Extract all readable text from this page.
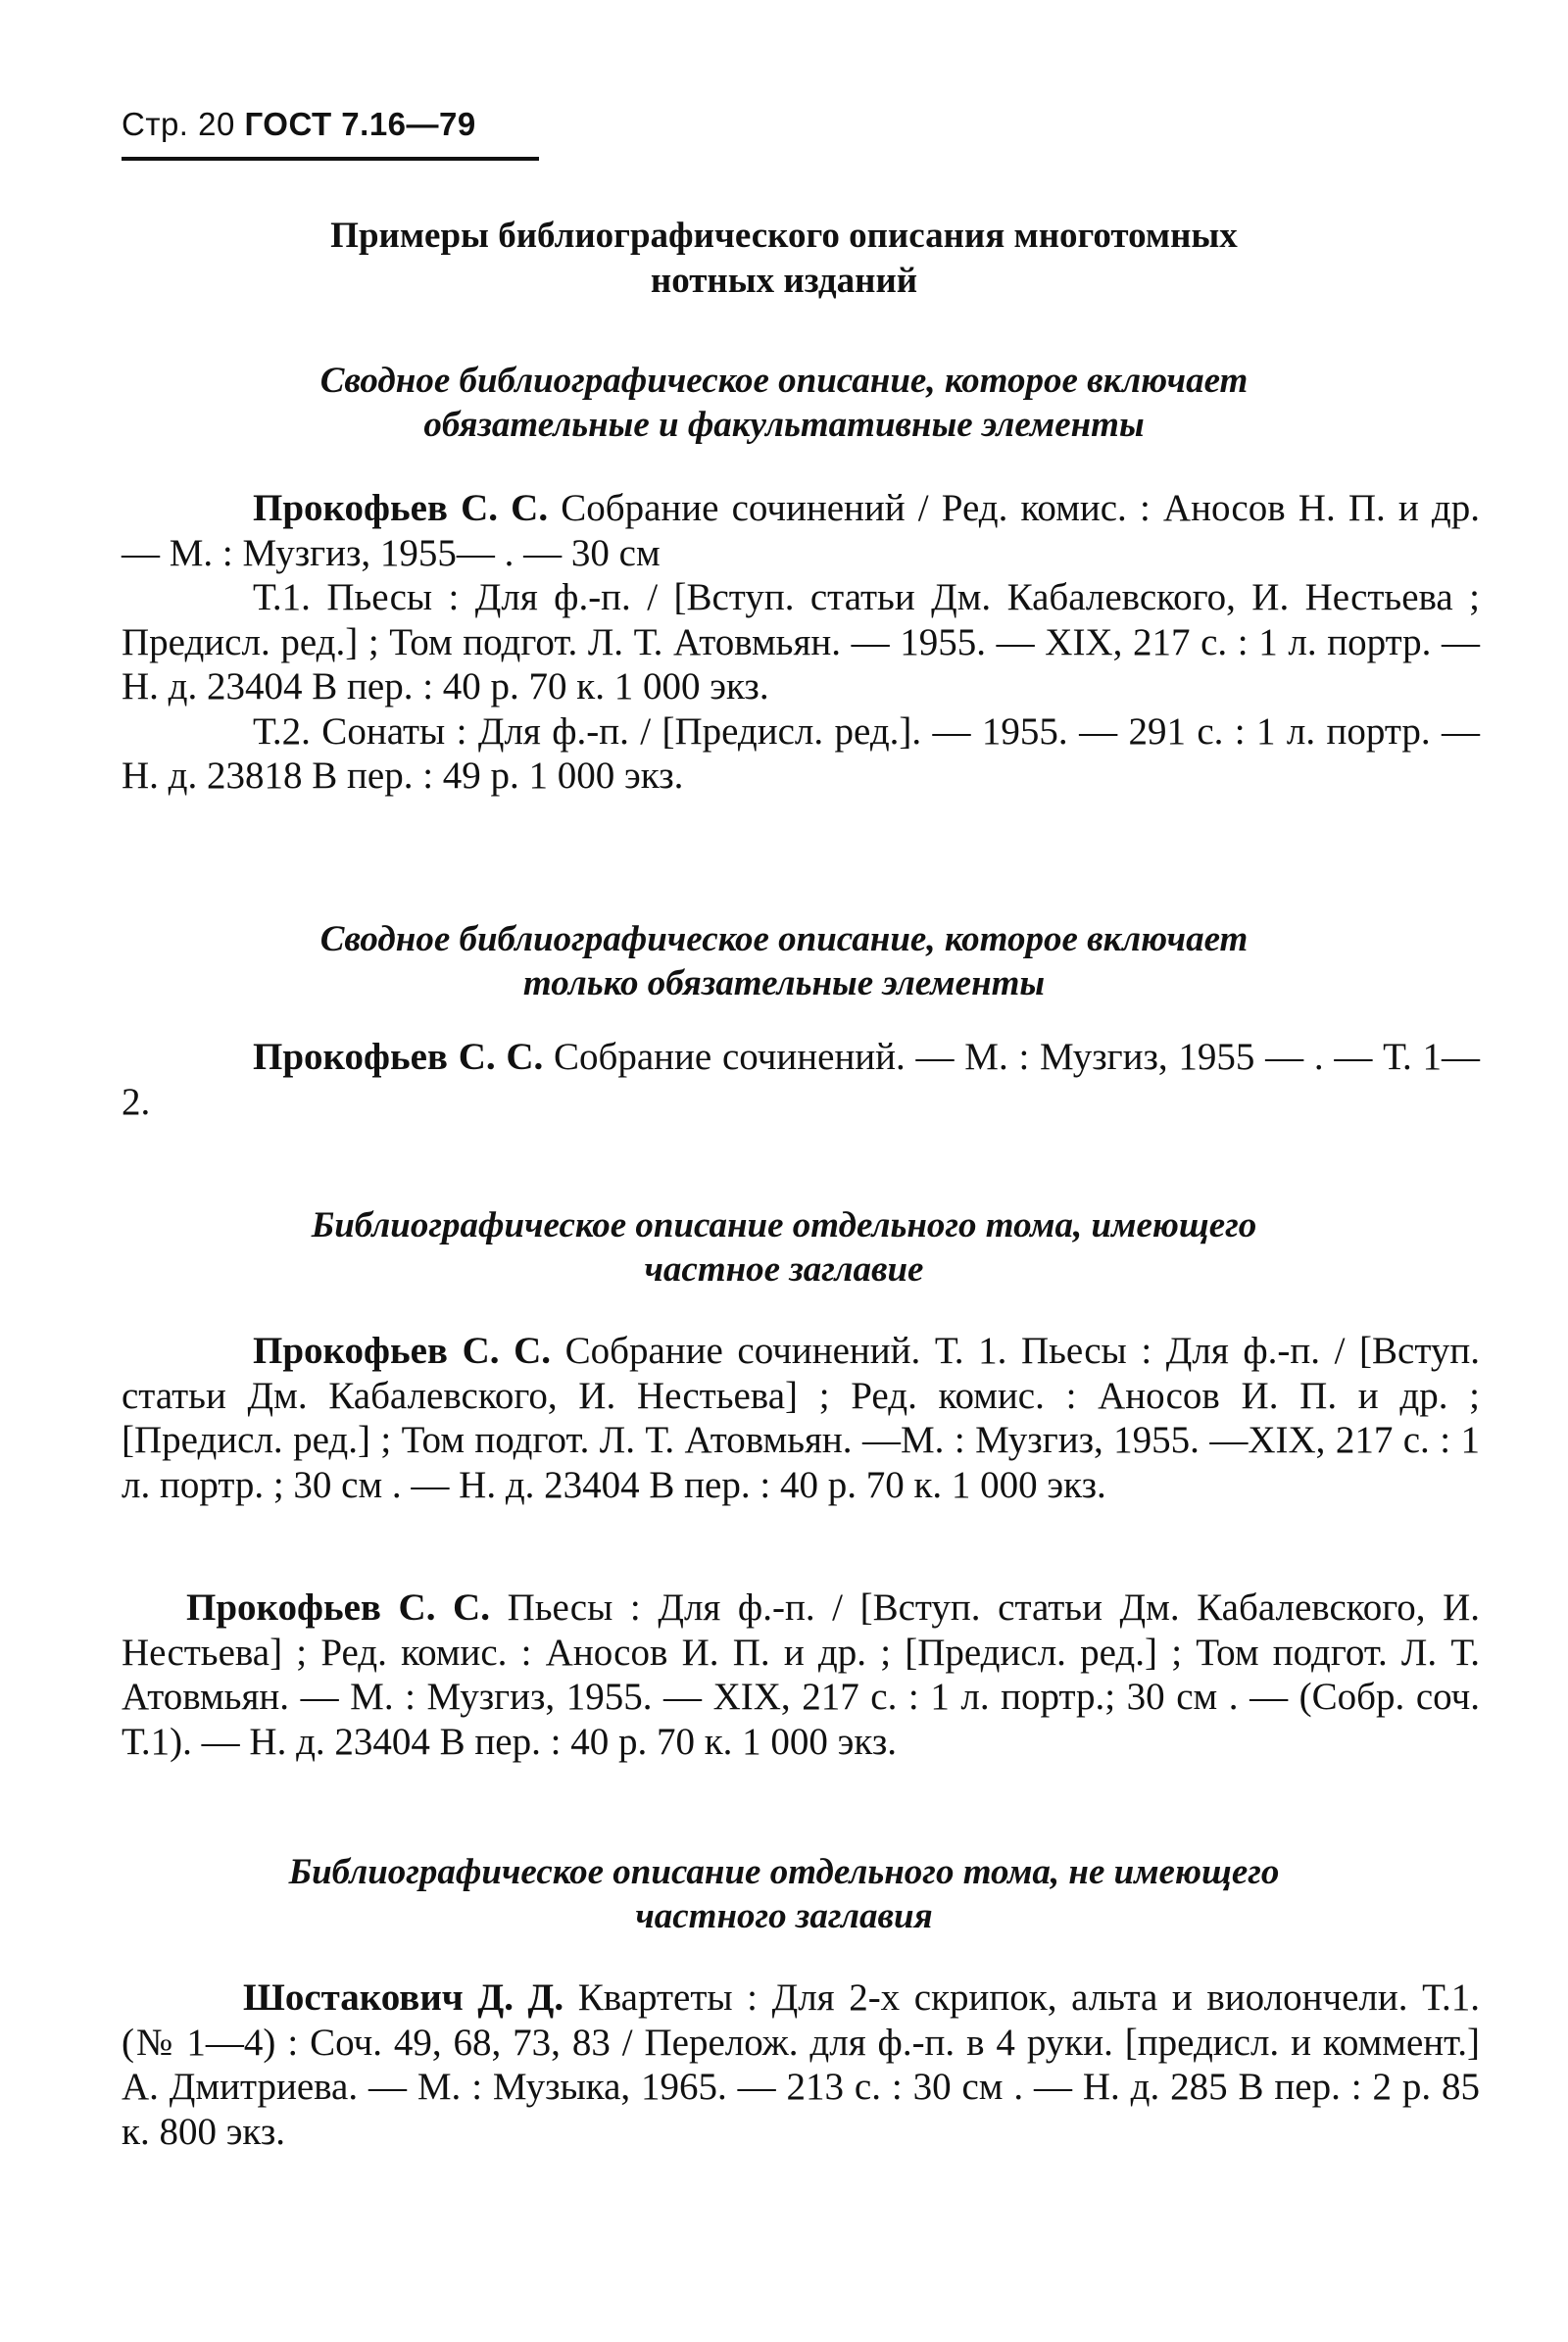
Стр. 20 ГОСТ 7.16—79
Примеры библиографического описания многотомных
нотных изданий
Сводное библиографическое описание, которое включает
обязательные и факультативные элементы

Прокофьев С. С. Собрание сочинений / Ред. комис. : Аносов Н. П. и др. — М. : Музгиз, 1955— . — 30 см

Т.1. Пьесы : Для ф.-п. / [Вступ. статьи Дм. Кабалевского, И. Нестьева ; Предисл. ред.] ; Том подгот. Л. Т. Атовмьян. — 1955. — XIX, 217 с. : 1 л. портр. — Н. д. 23404 В пер. : 40 р. 70 к. 1 000 экз.

Т.2. Сонаты : Для ф.-п. / [Предисл. ред.]. — 1955. — 291 с. : 1 л. портр. —Н. д. 23818 В пер. : 49 р. 1 000 экз.

Сводное библиографическое описание, которое включает
только обязательные элементы

Прокофьев С. С. Собрание сочинений. — М. : Музгиз, 1955 — . — Т. 1—2.

Библиографическое описание отдельного тома, имеющего
частное заглавие

Прокофьев С. С. Собрание сочинений. Т. 1. Пьесы : Для ф.-п. / [Вступ. статьи Дм. Кабалевского, И. Нестьева] ; Ред. комис. : Аносов И. П. и др. ; [Предисл. ред.] ; Том подгот. Л. Т. Атовмьян. —М. : Музгиз, 1955. —XIX, 217 с. : 1 л. портр. ; 30 см . — Н. д. 23404 В пер. : 40 р. 70 к. 1 000 экз.

Прокофьев С. С. Пьесы : Для ф.-п. / [Вступ. статьи Дм. Кабалевского, И. Нестьева] ; Ред. комис. : Аносов И. П. и др. ; [Предисл. ред.] ; Том подгот. Л. Т. Атовмьян. — М. : Музгиз, 1955. — XIX, 217 с. : 1 л. портр.; 30 см . — (Собр. соч. Т.1). — Н. д. 23404 В пер. : 40 р. 70 к. 1 000 экз.

Библиографическое описание отдельного тома, не имеющего
частного заглавия

Шостакович Д. Д. Квартеты : Для 2-х скрипок, альта и виолончели. Т.1. (№ 1—4) : Соч. 49, 68, 73, 83 / Перелож. для ф.-п. в 4 руки. [предисл. и коммент.] А. Дмитриева. — М. : Музыка, 1965. — 213 с. : 30 см . — Н. д. 285 В пер. : 2 р. 85 к. 800 экз.
